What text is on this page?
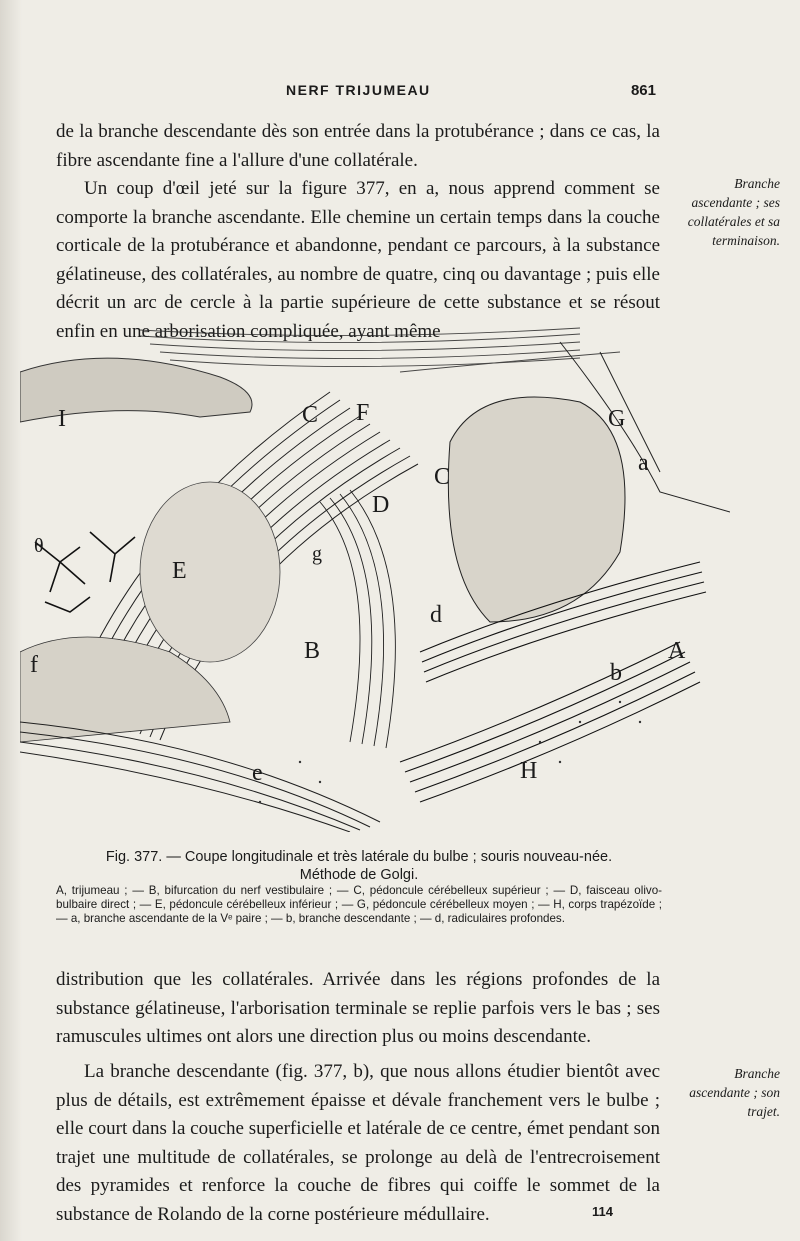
NERF TRIJUMEAU	861

de la branche descendante dès son entrée dans la protubérance ; dans ce cas, la fibre ascendante fine a l'allure d'une collatérale.

Un coup d'œil jeté sur la figure 377, en a, nous apprend comment se comporte la branche ascendante. Elle chemine un certain temps dans la couche corticale de la protubérance et abandonne, pendant ce parcours, à la substance gélatineuse, des collatérales, au nombre de quatre, cinq ou davantage ; puis elle décrit un arc de cercle à la partie supérieure de cette substance et se résout enfin en une arborisation compliquée, ayant même

Branche ascendante ; ses collatérales et sa terminaison.
I	C F	G
a
C
D
θ
E
g
d
A
B
f	b
e	H
Fig. 377. — Coupe longitudinale et très latérale du bulbe ; souris nouveau-née.
Méthode de Golgi.
A, trijumeau ; — B, bifurcation du nerf vestibulaire ; — C, pédoncule cérébelleux supérieur ; — D, faisceau olivo-bulbaire direct ; — E, pédoncule cérébelleux inférieur ; — G, pédoncule cérébelleux moyen ; — H, corps trapézoïde ; — a, branche ascendante de la Vᵉ paire ; — b, branche descendante ; — d, radiculaires profondes.

distribution que les collatérales. Arrivée dans les régions profondes de la substance gélatineuse, l'arborisation terminale se replie parfois vers le bas ; ses ramuscules ultimes ont alors une direction plus ou moins descendante.

La branche descendante (fig. 377, b), que nous allons étudier bientôt avec plus de détails, est extrêmement épaisse et dévale franchement vers le bulbe ; elle court dans la couche superficielle et latérale de ce centre, émet pendant son trajet une multitude de collatérales, se prolonge au delà de l'entrecroisement des pyramides et renforce la couche de fibres qui coiffe le sommet de la substance de Rolando de la corne postérieure médullaire.

Branche ascendante ; son trajet.
114
